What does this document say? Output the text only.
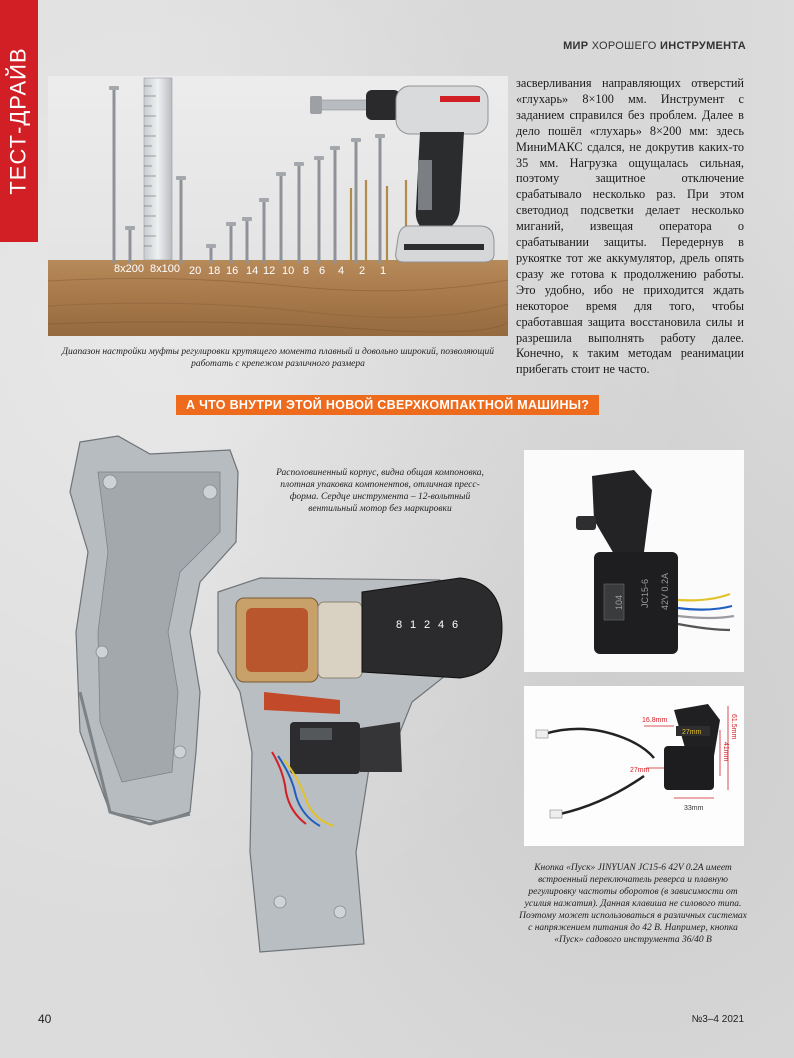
ТЕСТ-ДРАЙВ
МИР ХОРОШЕГО ИНСТРУМЕНТА
8x200 8x100 20 18 16 14 12 10 8 6 4 2 1
Диапазон настройки муфты регулировки крутящего момента плавный и довольно широкий, позволяющий работать с крепежом различного размера
засверливания направляющих отверстий «глухарь» 8×100 мм. Инструмент с заданием справился без проблем. Далее в дело пошёл «глухарь» 8×200 мм: здесь МиниМАКС сдался, не докрутив каких-то 35 мм. Нагрузка ощущалась сильная, поэтому защитное отключение срабатывало несколько раз. При этом светодиод подсветки делает несколько миганий, извещая оператора о срабатывании защиты. Передернув в рукоятке тот же аккумулятор, дрель опять сразу же готова к продолжению работы. Это удобно, ибо не приходится ждать некоторое время для того, чтобы сработавшая защита восстановила силы и разрешила выполнять работу далее. Конечно, к таким методам реанимации прибегать стоит не часто.
А ЧТО ВНУТРИ ЭТОЙ НОВОЙ СВЕРХКОМПАКТНОЙ МАШИНЫ?
8 1 2 4 6
Располовиненный корпус, видна общая компоновка, плотная упаковка компонентов, отличная пресс-форма. Сердце инструмента – 12-вольтный вентильный мотор без маркировки
104 JC15-6 42V 0.2A
16.8mm	61.5mm
41mm
27mm
27mm
33mm
Кнопка «Пуск» JINYUAN JC15-6 42V 0.2A имеет встроенный переключатель реверса и плавную регулировку частоты оборотов (в зависимости от усилия нажатия). Данная клавиша не силового типа. Поэтому может использоваться в различных системах с напряжением питания до 42 В. Например, кнопка «Пуск» садового инструмента 36/40 В
40	№3–4 2021
